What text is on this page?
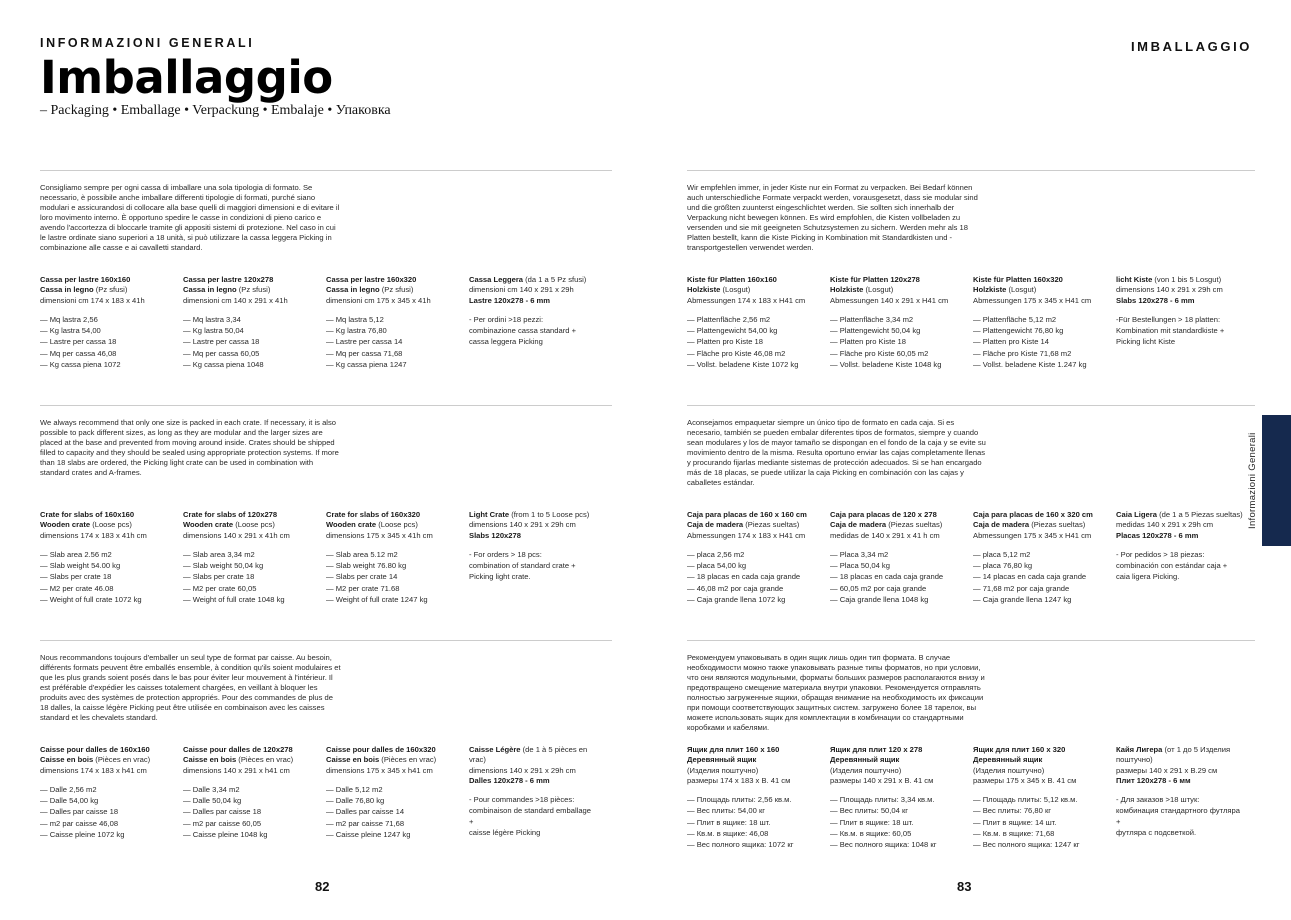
INFORMAZIONI GENERALI
Imballaggio
– Packaging • Emballage • Verpackung • Embalaje • Упаковка
IMBALLAGGIO

Consigliamo sempre per ogni cassa di imballare una sola tipologia di formato. Se necessario, è possibile anche imballare differenti tipologie di formati, purché siano modulari e assicurandosi di collocare alla base quelli di maggiori dimensioni e di evitare il loro movimento interno. È opportuno spedire le casse in condizioni di pieno carico e avendo l'accortezza di bloccarle tramite gli appositi sistemi di protezione. Nel caso in cui le lastre ordinate siano superiori a 18 unità, si può utilizzare la cassa leggera Picking in combinazione alle casse e ai cavalletti standard.

Cassa per lastre 160x160
Cassa in legno (Pz sfusi)
dimensioni cm 174 x 183 x 41h
— Mq lastra 2,56
— Kg lastra 54,00
— Lastre per cassa 18
— Mq per cassa 46,08
— Kg cassa piena 1072
Cassa per lastre 120x278
Cassa in legno (Pz sfusi)
dimensioni cm 140 x 291 x 41h
— Mq lastra 3,34
— Kg lastra 50,04
— Lastre per cassa 18
— Mq per cassa 60,05
— Kg cassa piena 1048
Cassa per lastre 160x320
Cassa in legno (Pz sfusi)
dimensioni cm 175 x 345 x 41h
— Mq lastra 5,12
— Kg lastra 76,80
— Lastre per cassa 14
— Mq per cassa 71,68
— Kg cassa piena 1247
Cassa Leggera (da 1 a 5 Pz sfusi)
dimensioni cm 140 x 291 x 29h
Lastre 120x278 - 6 mm
- Per ordini >18 pezzi:
combinazione cassa standard +
cassa leggera Picking

We always recommend that only one size is packed in each crate. If necessary, it is also possible to pack different sizes, as long as they are modular and the larger sizes are placed at the base and prevented from moving around inside. Crates should be shipped filled to capacity and they should be sealed using appropriate protection systems. If more than 18 slabs are ordered, the Picking light crate can be used in combination with standard crates and A-frames.

Crate for slabs of 160x160
Wooden crate (Loose pcs)
dimensions 174 x 183 x 41h cm
— Slab area 2.56 m2
— Slab weight 54.00 kg
— Slabs per crate 18
— M2 per crate 46.08
— Weight of full crate 1072 kg
Crate for slabs of 120x278
Wooden crate (Loose pcs)
dimensions 140 x 291 x 41h cm
— Slab area 3,34 m2
— Slab weight 50,04 kg
— Slabs per crate 18
— M2 per crate 60,05
— Weight of full crate 1048 kg
Crate for slabs of 160x320
Wooden crate (Loose pcs)
dimensions 175 x 345 x 41h cm
— Slab area 5.12 m2
— Slab weight 76.80 kg
— Slabs per crate 14
— M2 per crate 71.68
— Weight of full crate 1247 kg
Light Crate (from 1 to 5 Loose pcs)
dimensions 140 x 291 x 29h cm
Slabs 120x278
- For orders > 18 pcs:
combination of standard crate +
Picking light crate.

Nous recommandons toujours d'emballer un seul type de format par caisse. Au besoin, différents formats peuvent être emballés ensemble, à condition qu'ils soient modulaires et que les plus grands soient posés dans le bas pour éviter leur mouvement à l'intérieur. Il est préférable d'expédier les caisses totalement chargées, en veillant à bloquer les produits avec des systèmes de protection appropriés. Pour des commandes de plus de 18 dalles, la caisse légère Picking peut être utilisée en combinaison avec les caisses standard et les chevalets standard.

Caisse pour dalles de 160x160
Caisse en bois (Pièces en vrac)
dimensions 174 x 183 x h41 cm
— Dalle 2,56 m2
— Dalle 54,00 kg
— Dalles par caisse 18
— m2 par caisse 46,08
— Caisse pleine 1072 kg
Caisse pour dalles de 120x278
Caisse en bois (Pièces en vrac)
dimensions 140 x 291 x h41 cm
— Dalle 3,34 m2
— Dalle 50,04 kg
— Dalles par caisse 18
— m2 par caisse 60,05
— Caisse pleine 1048 kg
Caisse pour dalles de 160x320
Caisse en bois (Pièces en vrac)
dimensions 175 x 345 x h41 cm
— Dalle 5,12 m2
— Dalle 76,80 kg
— Dalles par caisse 14
— m2 par caisse 71,68
— Caisse pleine 1247 kg
Caisse Légère (de 1 à 5 pièces en vrac)
dimensions 140 x 291 x 29h cm
Dalles 120x278 - 6 mm
- Pour commandes >18 pièces:
combinaison de standard emballage +
caisse légère Picking

Wir empfehlen immer, in jeder Kiste nur ein Format zu verpacken. Bei Bedarf können auch unterschiedliche Formate verpackt werden, vorausgesetzt, dass sie modular sind und die größten zuunterst eingeschlichtet werden. Sie sollten sich innerhalb der Verpackung nicht bewegen können. Es wird empfohlen, die Kisten vollbeladen zu versenden und sie mit geeigneten Schutzsystemen zu sichern. Werden mehr als 18 Platten bestellt, kann die Kiste Picking in Kombination mit Standardkisten und -transportgestellen verwendet werden.

Kiste für Platten 160x160
Holzkiste (Losgut)
Abmessungen 174 x 183 x H41 cm
— Plattenfläche 2,56 m2
— Plattengewicht 54,00 kg
— Platten pro Kiste 18
— Fläche pro Kiste 46,08 m2
— Vollst. beladene Kiste 1072 kg
Kiste für Platten 120x278
Holzkiste (Losgut)
Abmessungen 140 x 291 x H41 cm
— Plattenfläche 3,34 m2
— Plattengewicht 50,04 kg
— Platten pro Kiste 18
— Fläche pro Kiste 60,05 m2
— Vollst. beladene Kiste 1048 kg
Kiste für Platten 160x320
Holzkiste (Losgut)
Abmessungen 175 x 345 x H41 cm
— Plattenfläche 5,12 m2
— Plattengewicht 76,80 kg
— Platten pro Kiste 14
— Fläche pro Kiste 71,68 m2
— Vollst. beladene Kiste 1.247 kg
licht Kiste (von 1 bis 5 Losgut)
dimensions 140 x 291 x 29h cm
Slabs 120x278 - 6 mm
-Für Bestellungen > 18 platten:
Kombination mit standardkiste +
Picking licht Kiste

Aconsejamos empaquetar siempre un único tipo de formato en cada caja. Si es necesario, también se pueden embalar diferentes tipos de formatos, siempre y cuando sean modulares y los de mayor tamaño se dispongan en el fondo de la caja y se evite su movimiento dentro de la misma. Resulta oportuno enviar las cajas completamente llenas y procurando fijarlas mediante sistemas de protección adecuados. Si se han encargado más de 18 placas, se puede utilizar la caja Picking en combinación con las cajas y caballetes estándar.

Caja para placas de 160 x 160 cm
Caja de madera (Piezas sueltas)
Abmessungen 174 x 183 x H41 cm
— placa 2,56 m2
— placa 54,00 kg
— 18 placas en cada caja grande
— 46,08 m2 por caja grande
— Caja grande llena 1072 kg
Caja para placas de 120 x 278
Caja de madera (Piezas sueltas)
medidas de 140 x 291 x 41 h cm
— Placa 3,34 m2
— Placa 50,04 kg
— 18 placas en cada caja grande
— 60,05 m2 por caja grande
— Caja grande llena 1048 kg
Caja para placas de 160 x 320 cm
Caja de madera (Piezas sueltas)
Abmessungen 175 x 345 x H41 cm
— placa 5,12 m2
— placa 76,80 kg
— 14 placas en cada caja grande
— 71,68 m2 por caja grande
— Caja grande llena 1247 kg
Caia Ligera (de 1 a 5 Piezas sueltas)
medidas 140 x 291 x 29h cm
Placas 120x278 - 6 mm
- Por pedidos > 18 piezas:
combinación con estándar caja +
caia ligera Picking.

Рекомендуем упаковывать в один ящик лишь один тип формата. В случае необходимости можно также упаковывать разные типы форматов, но при условии, что они являются модульными, форматы больших размеров располагаются внизу и предотвращено смещение материала внутри упаковки. Рекомендуется отправлять полностью загруженные ящики, обращая внимание на необходимость их фиксации при помощи соответствующих защитных систем. загружено более 18 тарелок, вы можете использовать ящик для комплектации в комбинации со стандартными коробками и кабелями.

Ящик для плит 160 x 160
Деревянный ящик
(Изделия поштучно)
размеры 174 x 183 x В. 41 см
— Площадь плиты: 2,56 кв.м.
— Вес плиты: 54,00 кг
— Плит в ящике: 18 шт.
— Кв.м. в ящике: 46,08
— Вес полного ящика: 1072 кг
Ящик для плит 120 x 278
Деревянный ящик
(Изделия поштучно)
размеры 140 x 291 x В. 41 см
— Площадь плиты: 3,34 кв.м.
— Вес плиты: 50,04 кг
— Плит в ящике: 18 шт.
— Кв.м. в ящике: 60,05
— Вес полного ящика: 1048 кг
Ящик для плит 160 x 320
Деревянный ящик
(Изделия поштучно)
размеры 175 x 345 x В. 41 см
— Площадь плиты: 5,12 кв.м.
— Вес плиты: 76,80 кг
— Плит в ящике: 14 шт.
— Кв.м. в ящике: 71,68
— Вес полного ящика: 1247 кг
Кайя Лигера (от 1 до 5 Изделия поштучно)
размеры 140 x 291 x В.29 см
Плит 120x278 - 6 мм
- Для заказов >18 штук:
комбинация стандартного футляра +
футляра с подсветкой.
Informazioni Generali
82	83
